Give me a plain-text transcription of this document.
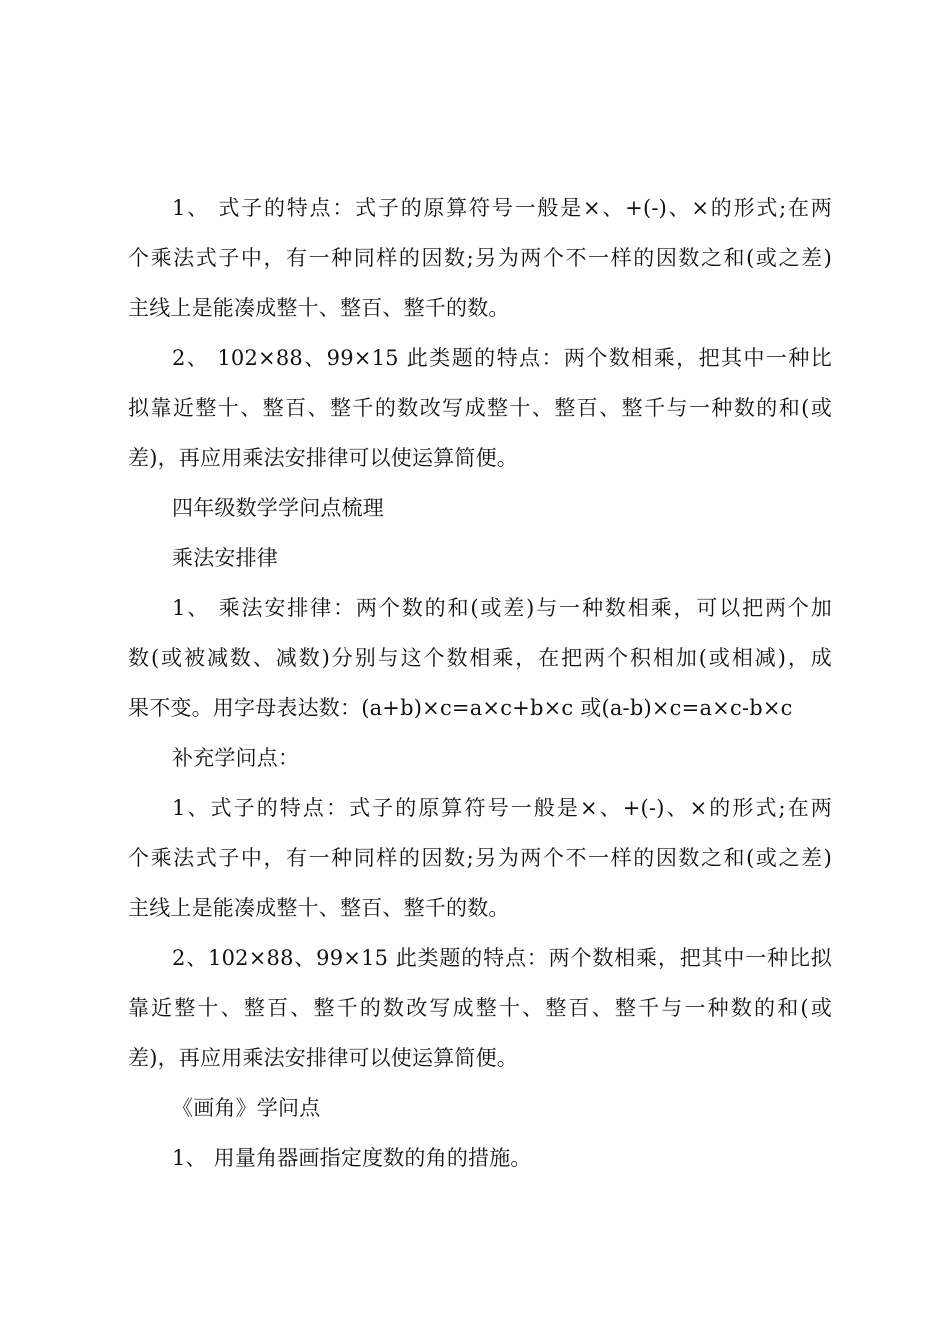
1、 式子的特点：式子的原算符号一般是×、+(-)、×的形式;在两
个乘法式子中，有一种同样的因数;另为两个不一样的因数之和(或之差)
主线上是能凑成整十、整百、整千的数。
2、 102×88、99×15 此类题的特点：两个数相乘，把其中一种比
拟靠近整十、整百、整千的数改写成整十、整百、整千与一种数的和(或
差)，再应用乘法安排律可以使运算简便。
四年级数学学问点梳理
乘法安排律
1、 乘法安排律：两个数的和(或差)与一种数相乘，可以把两个加
数(或被减数、减数)分别与这个数相乘，在把两个积相加(或相减)，成
果不变。用字母表达数：(a+b)×c=a×c+b×c 或(a-b)×c=a×c-b×c
补充学问点：
1、式子的特点：式子的原算符号一般是×、+(-)、×的形式;在两
个乘法式子中，有一种同样的因数;另为两个不一样的因数之和(或之差)
主线上是能凑成整十、整百、整千的数。
2、102×88、99×15 此类题的特点：两个数相乘，把其中一种比拟
靠近整十、整百、整千的数改写成整十、整百、整千与一种数的和(或
差)，再应用乘法安排律可以使运算简便。
《画角》学问点
1、 用量角器画指定度数的角的措施。
